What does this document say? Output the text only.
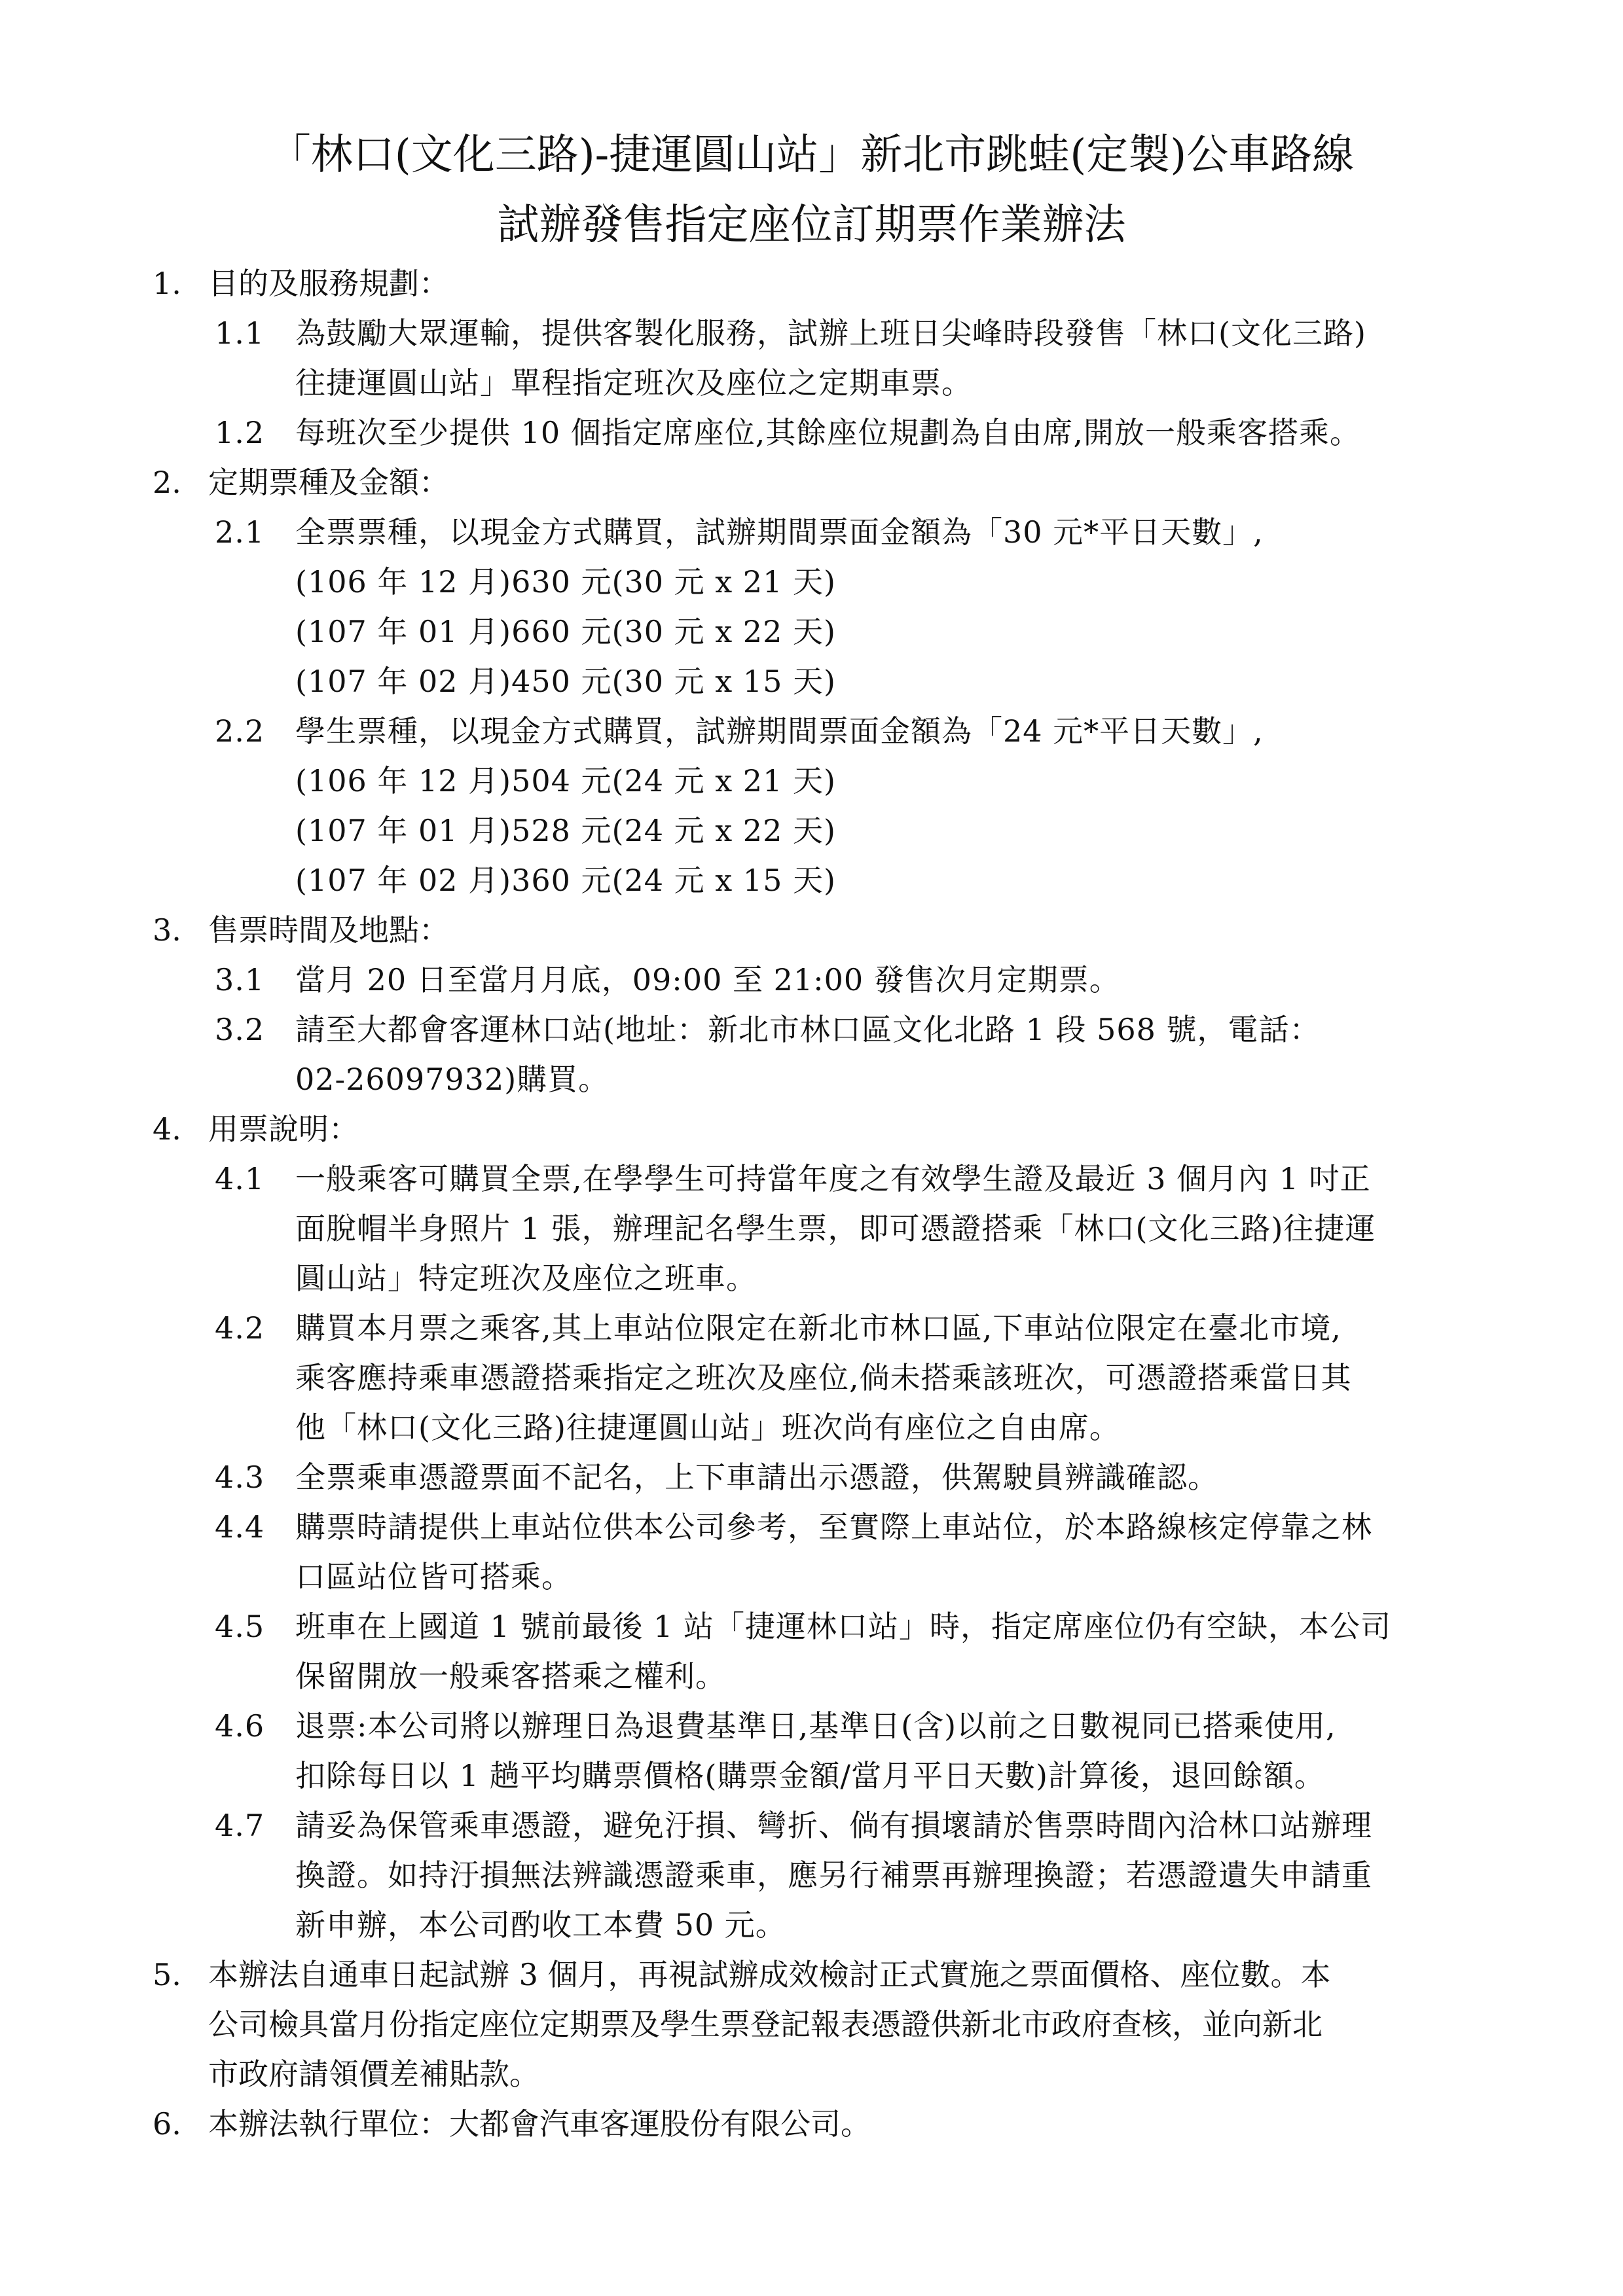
「林口(文化三路)-捷運圓山站」新北市跳蛙(定製)公車路線
試辦發售指定座位訂期票作業辦法
1. 目的及服務規劃：
1.1	為鼓勵大眾運輸，提供客製化服務，試辦上班日尖峰時段發售「林口(文化三路)
往捷運圓山站」單程指定班次及座位之定期車票。
1.2	每班次至少提供 10 個指定席座位,其餘座位規劃為自由席,開放一般乘客搭乘。
2. 定期票種及金額：
2.1	全票票種，以現金方式購買，試辦期間票面金額為「30 元*平日天數」,
(106 年 12 月)630 元(30 元 x 21 天)
(107 年 01 月)660 元(30 元 x 22 天)
(107 年 02 月)450 元(30 元 x 15 天)
2.2	學生票種，以現金方式購買，試辦期間票面金額為「24 元*平日天數」,
(106 年 12 月)504 元(24 元 x 21 天)
(107 年 01 月)528 元(24 元 x 22 天)
(107 年 02 月)360 元(24 元 x 15 天)
3. 售票時間及地點：
3.1	當月 20 日至當月月底，09:00 至 21:00 發售次月定期票。
3.2	請至大都會客運林口站(地址：新北市林口區文化北路 1 段 568 號，電話：
02-26097932)購買。
4. 用票說明：
4.1	一般乘客可購買全票,在學學生可持當年度之有效學生證及最近 3 個月內 1 吋正
面脫帽半身照片 1 張，辦理記名學生票，即可憑證搭乘「林口(文化三路)往捷運
圓山站」特定班次及座位之班車。
4.2	購買本月票之乘客,其上車站位限定在新北市林口區,下車站位限定在臺北市境,
乘客應持乘車憑證搭乘指定之班次及座位,倘未搭乘該班次，可憑證搭乘當日其
他「林口(文化三路)往捷運圓山站」班次尚有座位之自由席。
4.3	全票乘車憑證票面不記名，上下車請出示憑證，供駕駛員辨識確認。
4.4	購票時請提供上車站位供本公司參考，至實際上車站位，於本路線核定停靠之林
口區站位皆可搭乘。
4.5	班車在上國道 1 號前最後 1 站「捷運林口站」時，指定席座位仍有空缺，本公司
保留開放一般乘客搭乘之權利。
4.6	退票:本公司將以辦理日為退費基準日,基準日(含)以前之日數視同已搭乘使用,
扣除每日以 1 趟平均購票價格(購票金額/當月平日天數)計算後，退回餘額。
4.7	請妥為保管乘車憑證，避免汙損、彎折、倘有損壞請於售票時間內洽林口站辦理
換證。如持汙損無法辨識憑證乘車，應另行補票再辦理換證；若憑證遺失申請重
新申辦，本公司酌收工本費 50 元。
5. 本辦法自通車日起試辦 3 個月，再視試辦成效檢討正式實施之票面價格、座位數。本
公司檢具當月份指定座位定期票及學生票登記報表憑證供新北市政府查核，並向新北
市政府請領價差補貼款。
6. 本辦法執行單位：大都會汽車客運股份有限公司。
